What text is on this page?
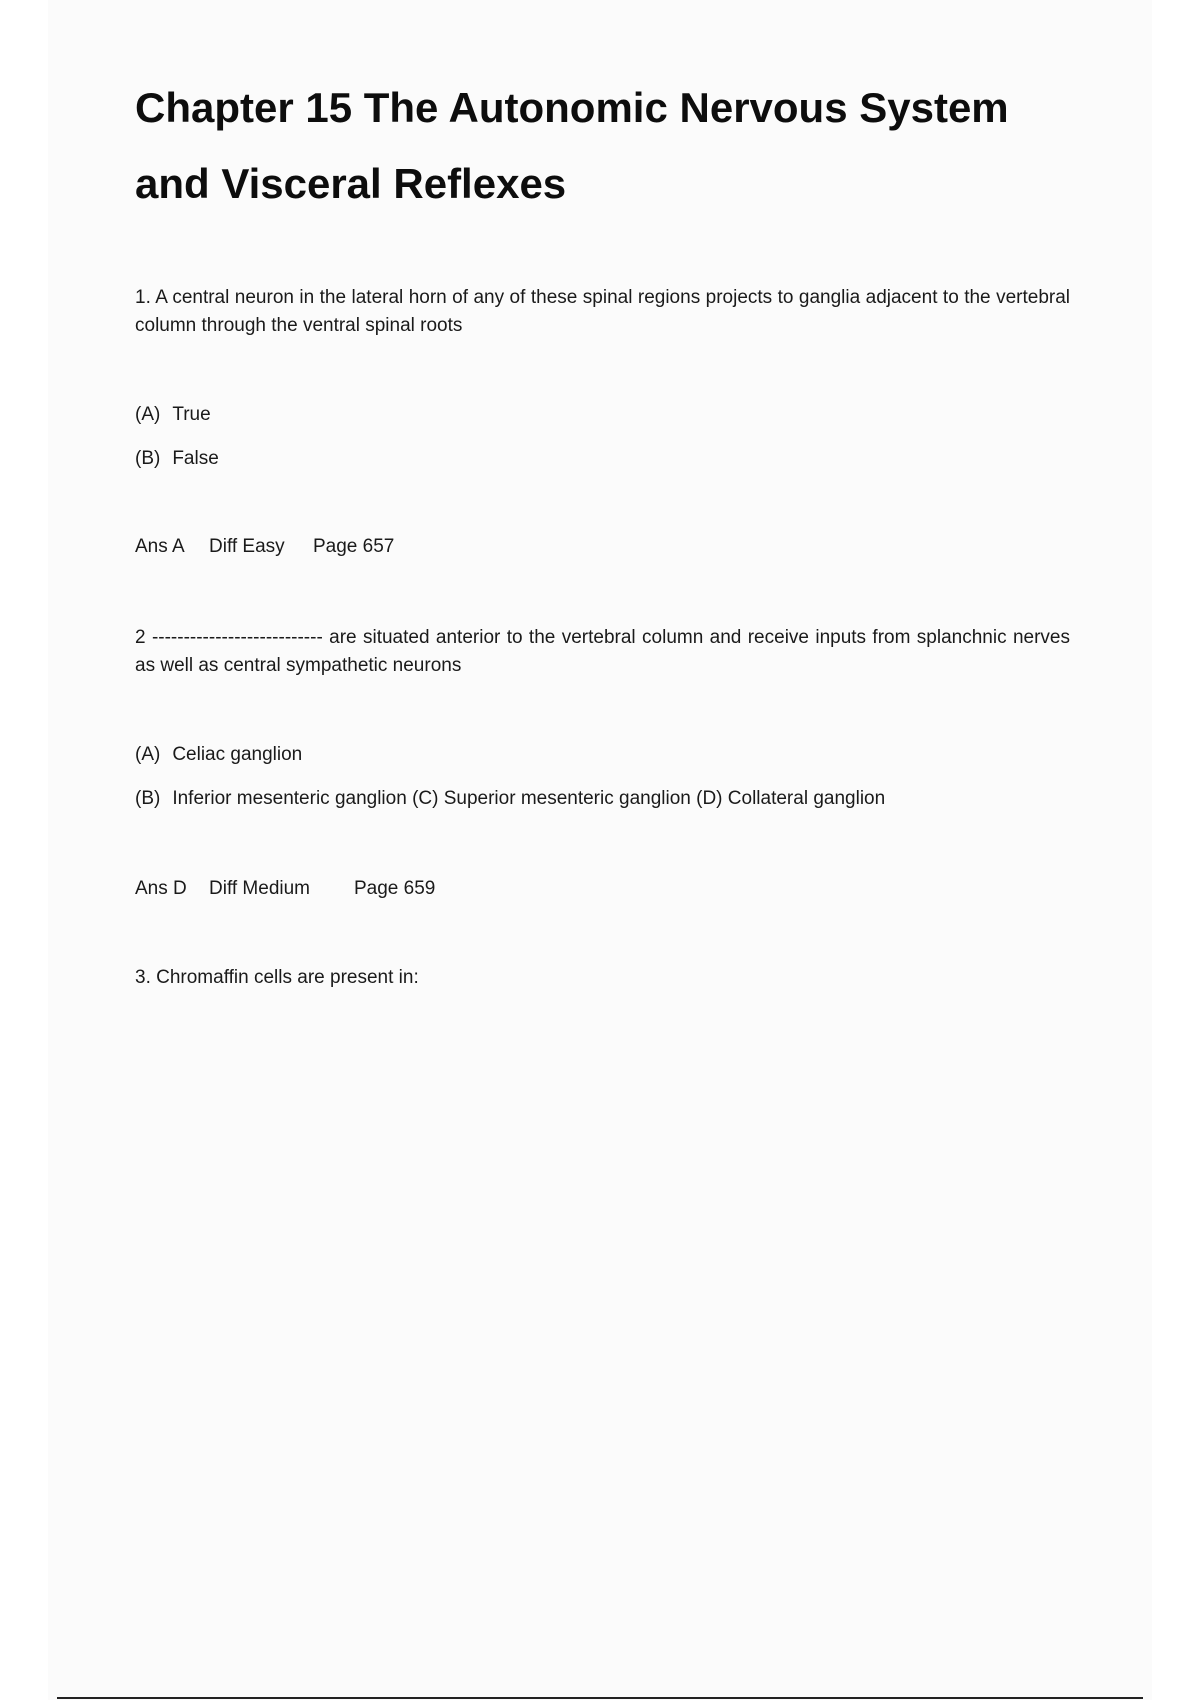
Chapter 15 The Autonomic Nervous System and Visceral Reflexes

1. A central neuron in the lateral horn of any of these spinal regions projects to ganglia adjacent to the vertebral column through the ventral spinal roots

(A) True

(B) False

Ans A Diff Easy Page 657

2 --------------------------- are situated anterior to the vertebral column and receive inputs from splanchnic nerves as well as central sympathetic neurons

(A) Celiac ganglion

(B) Inferior mesenteric ganglion (C) Superior mesenteric ganglion (D) Collateral ganglion

Ans D Diff Medium Page 659

3. Chromaffin cells are present in:
